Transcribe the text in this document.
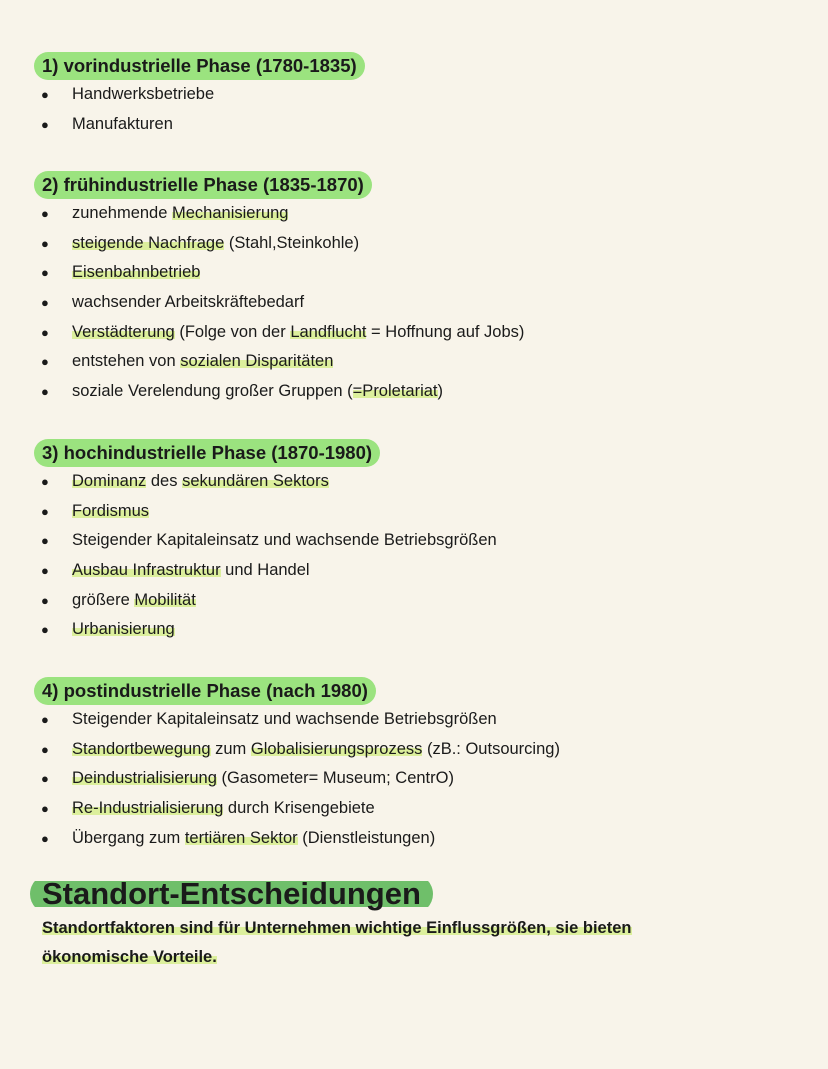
1) vorindustrielle Phase (1780-1835)
● Handwerksbetriebe
● Manufakturen
2) frühindustrielle Phase (1835-1870)
● zunehmende Mechanisierung
● steigende Nachfrage (Stahl,Steinkohle)
● Eisenbahnbetrieb
● wachsender Arbeitskräftebedarf
● Verstädterung (Folge von der Landflucht = Hoffnung auf Jobs)
● entstehen von sozialen Disparitäten
● soziale Verelendung großer Gruppen (=Proletariat)
3) hochindustrielle Phase (1870-1980)
● Dominanz des sekundären Sektors
● Fordismus
● Steigender Kapitaleinsatz und wachsende Betriebsgrößen
● Ausbau Infrastruktur und Handel
● größere Mobilität
● Urbanisierung
4) postindustrielle Phase (nach 1980)
● Steigender Kapitaleinsatz und wachsende Betriebsgrößen
● Standortbewegung zum Globalisierungsprozess (zB.: Outsourcing)
● Deindustrialisierung (Gasometer= Museum; CentrO)
● Re-Industrialisierung durch Krisengebiete
● Übergang zum tertiären Sektor (Dienstleistungen)
Standort-Entscheidungen
Standortfaktoren sind für Unternehmen wichtige Einflussgrößen, sie bieten ökonomische Vorteile.
